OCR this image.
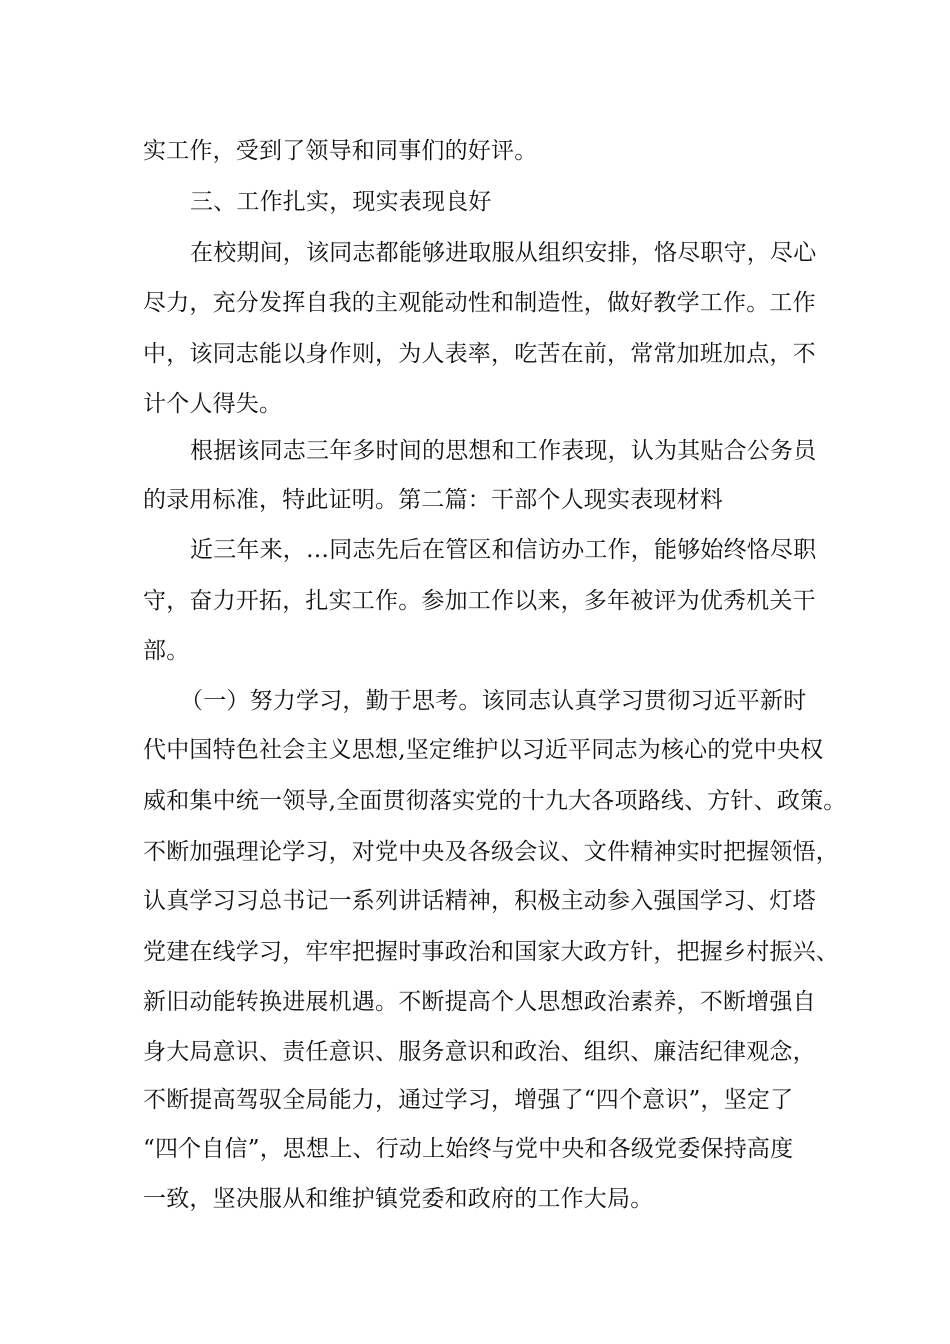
实工作，受到了领导和同事们的好评。
三、工作扎实，现实表现良好
在校期间，该同志都能够进取服从组织安排，恪尽职守，尽心
尽力，充分发挥自我的主观能动性和制造性，做好教学工作。工作
中，该同志能以身作则，为人表率，吃苦在前，常常加班加点，不
计个人得失。
根据该同志三年多时间的思想和工作表现，认为其贴合公务员
的录用标准，特此证明。第二篇：干部个人现实表现材料
近三年来，…同志先后在管区和信访办工作，能够始终恪尽职
守，奋力开拓，扎实工作。参加工作以来，多年被评为优秀机关干
部。
（一）努力学习，勤于思考。该同志认真学习贯彻习近平新时
代中国特色社会主义思想,坚定维护以习近平同志为核心的党中央权
威和集中统一领导,全面贯彻落实党的十九大各项路线、方针、政策。
不断加强理论学习，对党中央及各级会议、文件精神实时把握领悟，
认真学习习总书记一系列讲话精神，积极主动参入强国学习、灯塔
党建在线学习，牢牢把握时事政治和国家大政方针，把握乡村振兴、
新旧动能转换进展机遇。不断提高个人思想政治素养，不断增强自
身大局意识、责任意识、服务意识和政治、组织、廉洁纪律观念，
不断提高驾驭全局能力，通过学习，增强了“四个意识”，坚定了
“四个自信”，思想上、行动上始终与党中央和各级党委保持高度
一致，坚决服从和维护镇党委和政府的工作大局。
